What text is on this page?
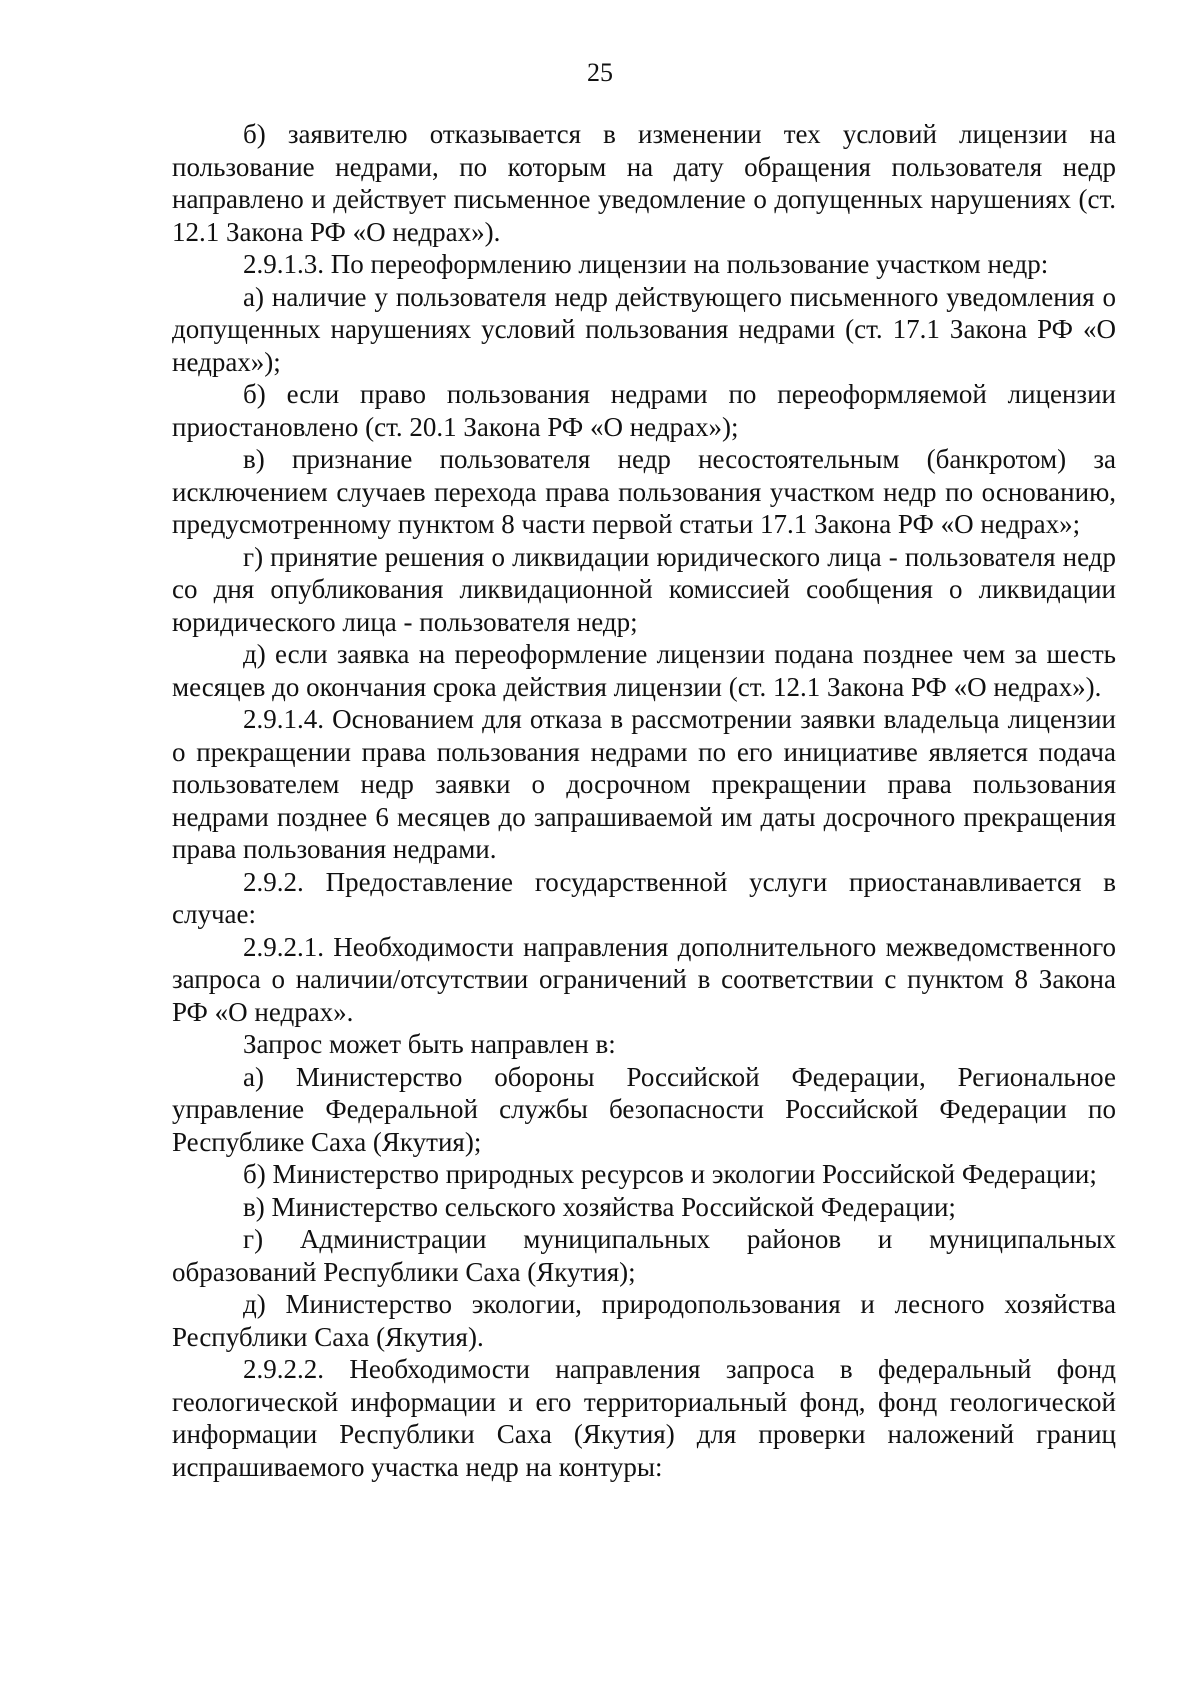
25

б) заявителю отказывается в изменении тех условий лицензии на пользование недрами, по которым на дату обращения пользователя недр направлено и действует письменное уведомление о допущенных нарушениях (ст. 12.1 Закона РФ «О недрах»).

2.9.1.3. По переоформлению лицензии на пользование участком недр:

а) наличие у пользователя недр действующего письменного уведомления о допущенных нарушениях условий пользования недрами (ст. 17.1 Закона РФ «О недрах»);

б) если право пользования недрами по переоформляемой лицензии приостановлено (ст. 20.1 Закона РФ «О недрах»);

в) признание пользователя недр несостоятельным (банкротом) за исключением случаев перехода права пользования участком недр по основанию, предусмотренному пунктом 8 части первой статьи 17.1 Закона РФ «О недрах»;

г) принятие решения о ликвидации юридического лица - пользователя недр со дня опубликования ликвидационной комиссией сообщения о ликвидации юридического лица - пользователя недр;

д) если заявка на переоформление лицензии подана позднее чем за шесть месяцев до окончания срока действия лицензии (ст. 12.1 Закона РФ «О недрах»).

2.9.1.4. Основанием для отказа в рассмотрении заявки владельца лицензии о прекращении права пользования недрами по его инициативе является подача пользователем недр заявки о досрочном прекращении права пользования недрами позднее 6 месяцев до запрашиваемой им даты досрочного прекращения права пользования недрами.

2.9.2. Предоставление государственной услуги приостанавливается в случае:

2.9.2.1. Необходимости направления дополнительного межведомственного запроса о наличии/отсутствии ограничений в соответствии с пунктом 8 Закона РФ «О недрах».

Запрос может быть направлен в:

а) Министерство обороны Российской Федерации, Региональное управление Федеральной службы безопасности Российской Федерации по Республике Саха (Якутия);

б) Министерство природных ресурсов и экологии Российской Федерации;

в) Министерство сельского хозяйства Российской Федерации;

г) Администрации муниципальных районов и муниципальных образований Республики Саха (Якутия);

д) Министерство экологии, природопользования и лесного хозяйства Республики Саха (Якутия).

2.9.2.2. Необходимости направления запроса в федеральный фонд геологической информации и его территориальный фонд, фонд геологической информации Республики Саха (Якутия) для проверки наложений границ испрашиваемого участка недр на контуры:
